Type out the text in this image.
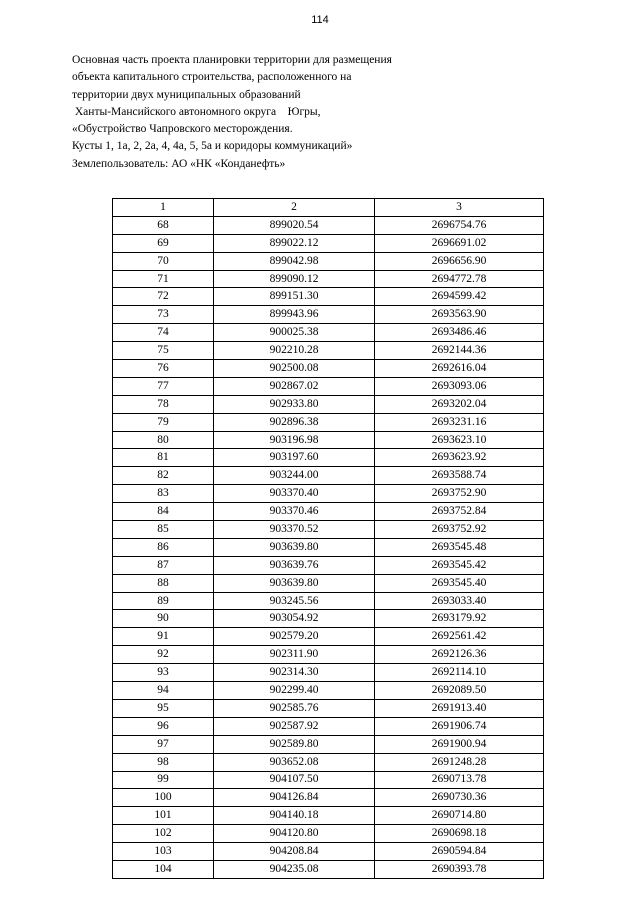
114
Основная часть проекта планировки территории для размещения
объекта капитального строительства, расположенного на
территории двух муниципальных образований
Ханты-Мансийского автономного округа    Югры,
«Обустройство Чапровского месторождения.
Кусты 1, 1а, 2, 2а, 4, 4а, 5, 5а и коридоры коммуникаций»
Землепользователь: АО «НК «Конданефть»
1	2	3
68	899020.54	2696754.76
69	899022.12	2696691.02
70	899042.98	2696656.90
71	899090.12	2694772.78
72	899151.30	2694599.42
73	899943.96	2693563.90
74	900025.38	2693486.46
75	902210.28	2692144.36
76	902500.08	2692616.04
77	902867.02	2693093.06
78	902933.80	2693202.04
79	902896.38	2693231.16
80	903196.98	2693623.10
81	903197.60	2693623.92
82	903244.00	2693588.74
83	903370.40	2693752.90
84	903370.46	2693752.84
85	903370.52	2693752.92
86	903639.80	2693545.48
87	903639.76	2693545.42
88	903639.80	2693545.40
89	903245.56	2693033.40
90	903054.92	2693179.92
91	902579.20	2692561.42
92	902311.90	2692126.36
93	902314.30	2692114.10
94	902299.40	2692089.50
95	902585.76	2691913.40
96	902587.92	2691906.74
97	902589.80	2691900.94
98	903652.08	2691248.28
99	904107.50	2690713.78
100	904126.84	2690730.36
101	904140.18	2690714.80
102	904120.80	2690698.18
103	904208.84	2690594.84
104	904235.08	2690393.78
